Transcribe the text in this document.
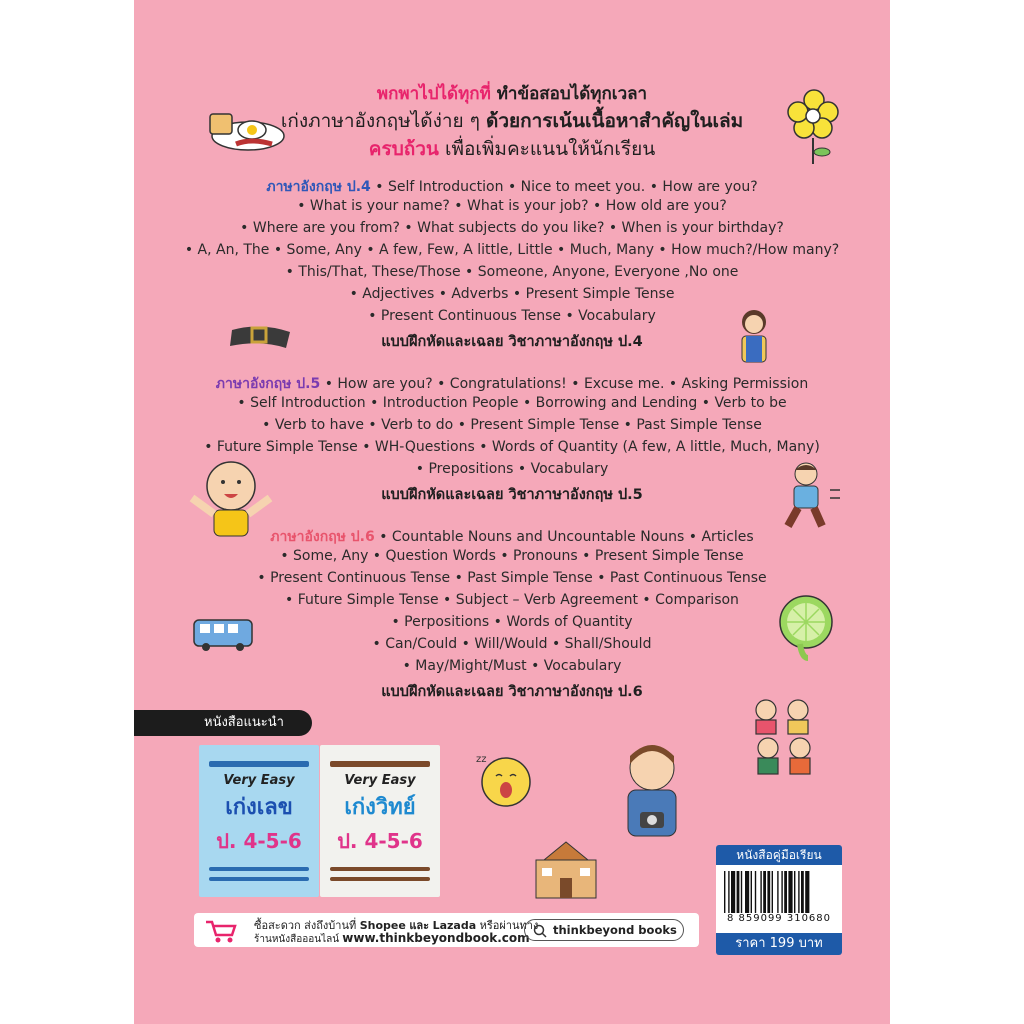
พกพาไปได้ทุกที่ ทำข้อสอบได้ทุกเวลา
เก่งภาษาอังกฤษได้ง่าย ๆ ด้วยการเน้นเนื้อหาสำคัญในเล่ม
ครบถ้วน เพื่อเพิ่มคะแนนให้นักเรียน
ภาษาอังกฤษ ป.4 • Self Introduction • Nice to meet you. • How are you?
• What is your name? • What is your job? • How old are you?
• Where are you from? • What subjects do you like? • When is your birthday?
• A, An, The • Some, Any • A few, Few, A little, Little • Much, Many • How much?/How many?
• This/That, These/Those • Someone, Anyone, Everyone ,No one
• Adjectives • Adverbs • Present Simple Tense
• Present Continuous Tense • Vocabulary
แบบฝึกหัดและเฉลย วิชาภาษาอังกฤษ ป.4
ภาษาอังกฤษ ป.5 • How are you? • Congratulations! • Excuse me. • Asking Permission
• Self Introduction • Introduction People • Borrowing and Lending • Verb to be
• Verb to have • Verb to do • Present Simple Tense • Past Simple Tense
• Future Simple Tense • WH-Questions • Words of Quantity (A few, A little, Much, Many)
• Prepositions • Vocabulary
แบบฝึกหัดและเฉลย วิชาภาษาอังกฤษ ป.5
ภาษาอังกฤษ ป.6 • Countable Nouns and Uncountable Nouns • Articles
• Some, Any • Question Words • Pronouns • Present Simple Tense
• Present Continuous Tense • Past Simple Tense • Past Continuous Tense
• Future Simple Tense • Subject – Verb Agreement • Comparison
• Perpositions • Words of Quantity
• Can/Could • Will/Would • Shall/Should
• May/Might/Must • Vocabulary
แบบฝึกหัดและเฉลย วิชาภาษาอังกฤษ ป.6
หนังสือแนะนำ
Very Easy
เก่งเลข
ป. 4-5-6
Very Easy
เก่งวิทย์
ป. 4-5-6
zz
ซื้อสะดวก ส่งถึงบ้านที่ Shopee และ Lazada หรือผ่านทาง
ร้านหนังสือออนไลน์ www.thinkbeyondbook.com
thinkbeyond books
หนังสือคู่มือเรียน
8 859099 310680
ราคา 199 บาท
